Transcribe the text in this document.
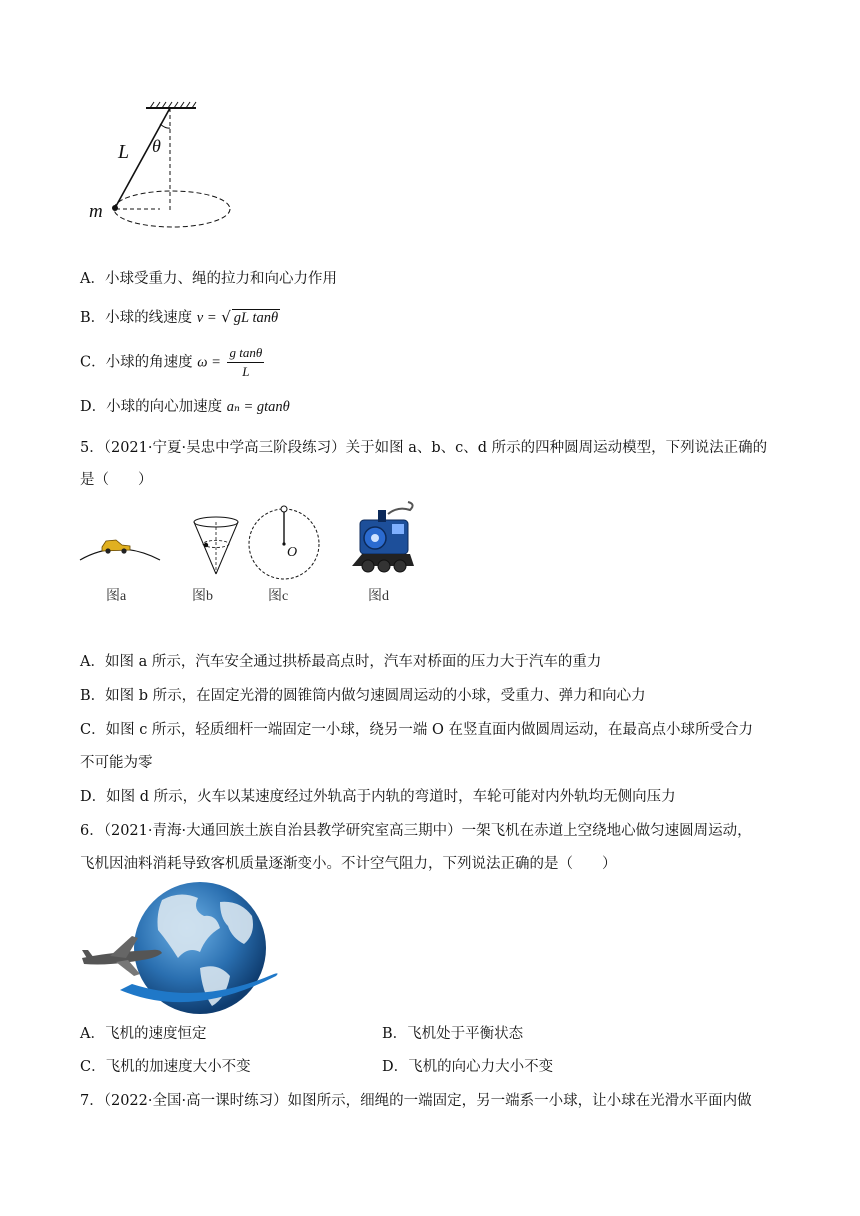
L θ
m
A．小球受重力、绳的拉力和向心力作用
B．小球的线速度 v = √ gL tanθ
C．小球的角速度 $\omega = \frac{\text{g tanθ}}{L}$
D．小球的向心加速度 aₙ = gtanθ
5．（2021·宁夏·吴忠中学高三阶段练习）关于如图 a、b、c、d 所示的四种圆周运动模型，下列说法正确的
是（　　）
O
图a	图b	图c	图d
A．如图 a 所示，汽车安全通过拱桥最高点时，汽车对桥面的压力大于汽车的重力
B．如图 b 所示，在固定光滑的圆锥筒内做匀速圆周运动的小球，受重力、弹力和向心力
C．如图 c 所示，轻质细杆一端固定一小球，绕另一端 O 在竖直面内做圆周运动，在最高点小球所受合力
不可能为零
D．如图 d 所示，火车以某速度经过外轨高于内轨的弯道时，车轮可能对内外轨均无侧向压力
6．（2021·青海·大通回族土族自治县教学研究室高三期中）一架飞机在赤道上空绕地心做匀速圆周运动，
飞机因油料消耗导致客机质量逐渐变小。不计空气阻力，下列说法正确的是（　　）
A．飞机的速度恒定	B．飞机处于平衡状态
C．飞机的加速度大小不变	D．飞机的向心力大小不变
7．（2022·全国·高一课时练习）如图所示，细绳的一端固定，另一端系一小球，让小球在光滑水平面内做
